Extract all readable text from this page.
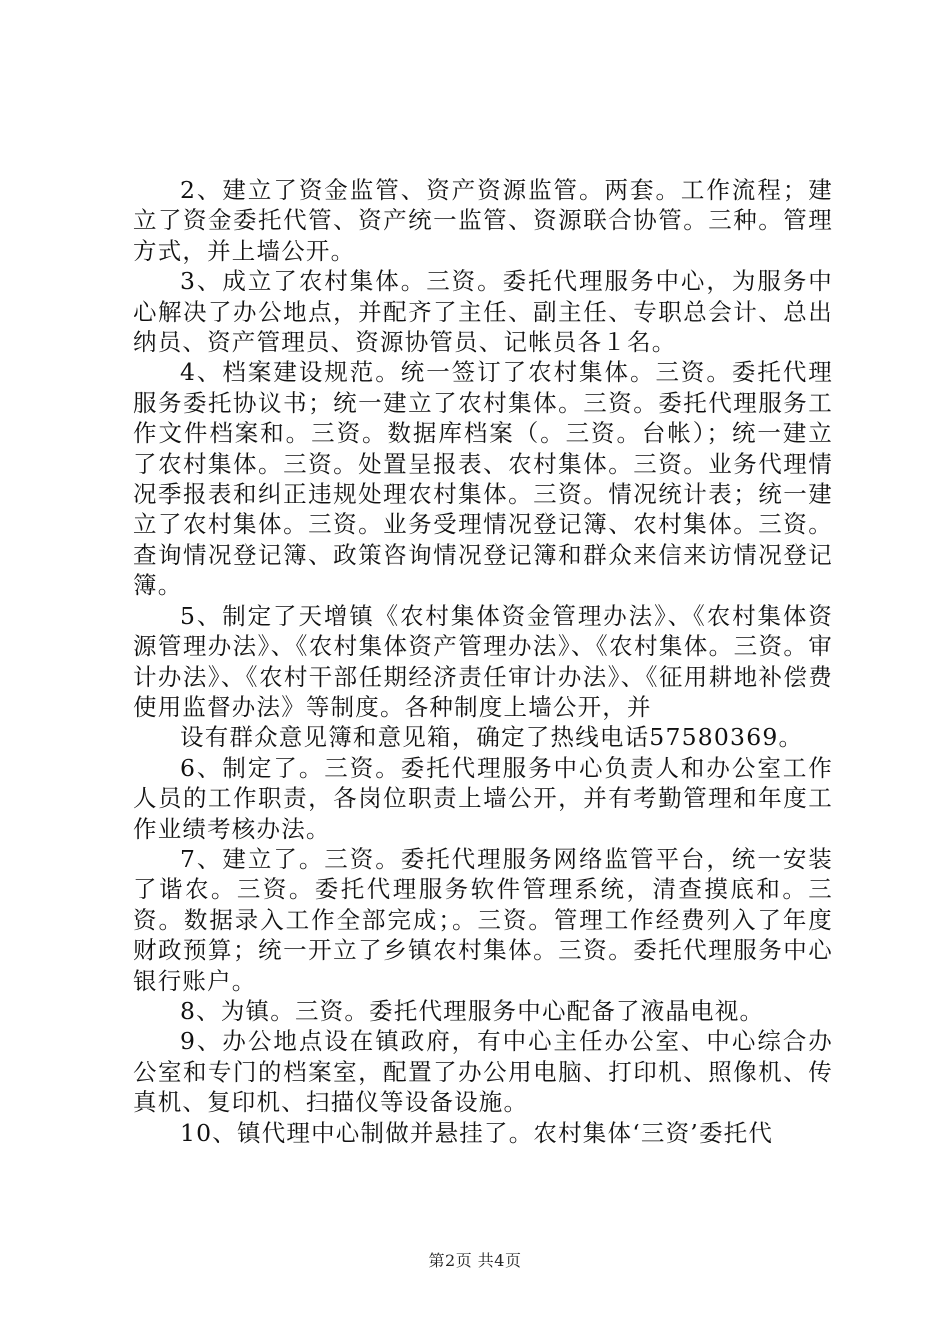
2、建立了资金监管、资产资源监管。两套。工作流程；建立了资金委托代管、资产统一监管、资源联合协管。三种。管理方式，并上墙公开。

3、成立了农村集体。三资。委托代理服务中心，为服务中心解决了办公地点，并配齐了主任、副主任、专职总会计、总出纳员、资产管理员、资源协管员、记帐员各１名。

4、档案建设规范。统一签订了农村集体。三资。委托代理服务委托协议书；统一建立了农村集体。三资。委托代理服务工作文件档案和。三资。数据库档案（。三资。台帐）；统一建立了农村集体。三资。处置呈报表、农村集体。三资。业务代理情况季报表和纠正违规处理农村集体。三资。情况统计表；统一建立了农村集体。三资。业务受理情况登记簿、农村集体。三资。查询情况登记簿、政策咨询情况登记簿和群众来信来访情况登记簿。

5、制定了天增镇《农村集体资金管理办法》、《农村集体资源管理办法》、《农村集体资产管理办法》、《农村集体。三资。审计办法》、《农村干部任期经济责任审计办法》、《征用耕地补偿费使用监督办法》等制度。各种制度上墙公开，并

设有群众意见簿和意见箱，确定了热线电话57580369。

6、制定了。三资。委托代理服务中心负责人和办公室工作人员的工作职责，各岗位职责上墙公开，并有考勤管理和年度工作业绩考核办法。

7、建立了。三资。委托代理服务网络监管平台，统一安装了谐农。三资。委托代理服务软件管理系统，清查摸底和。三资。数据录入工作全部完成；。三资。管理工作经费列入了年度财政预算；统一开立了乡镇农村集体。三资。委托代理服务中心银行账户。

8、为镇。三资。委托代理服务中心配备了液晶电视。

9、办公地点设在镇政府，有中心主任办公室、中心综合办公室和专门的档案室，配置了办公用电脑、打印机、照像机、传真机、复印机、扫描仪等设备设施。

10、镇代理中心制做并悬挂了。农村集体‘三资’委托代

第2页 共4页
